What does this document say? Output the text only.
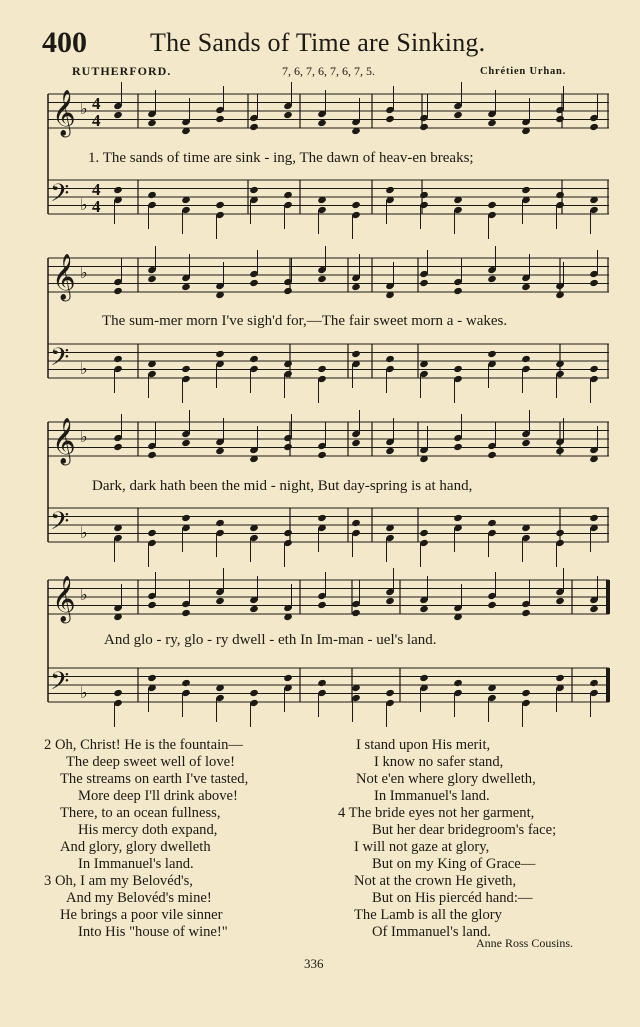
400 The Sands of Time are Sinking.
RUTHERFORD.	7, 6, 7, 6, 7, 6, 7, 5.	Chrétien Urhan.
𝄞 ♭
𝄢 ♭
4
4
4
4
𝄞 ♭
𝄢 ♭
𝄞 ♭
𝄢 ♭
𝄞 ♭
𝄢 ♭
1. The sands of time are sink - ing, The dawn of heav-en breaks;
The sum-mer morn I've sigh'd for,—The fair sweet morn a - wakes.
Dark, dark hath been the mid - night, But day-spring is at hand,
And glo - ry, glo - ry dwell - eth In Im-man - uel's land.
2 Oh, Christ! He is the fountain—
The deep sweet well of love!
The streams on earth I've tasted,
More deep I'll drink above!
There, to an ocean fullness,
His mercy doth expand,
And glory, glory dwelleth
In Immanuel's land.
3 Oh, I am my Belovéd's,
And my Belovéd's mine!
He brings a poor vile sinner
Into His "house of wine!"
I stand upon His merit,
I know no safer stand,
Not e'en where glory dwelleth,
In Immanuel's land.
4 The bride eyes not her garment,
But her dear bridegroom's face;
I will not gaze at glory,
But on my King of Grace—
Not at the crown He giveth,
But on His piercéd hand:—
The Lamb is all the glory
Of Immanuel's land.
Anne Ross Cousins.
336
